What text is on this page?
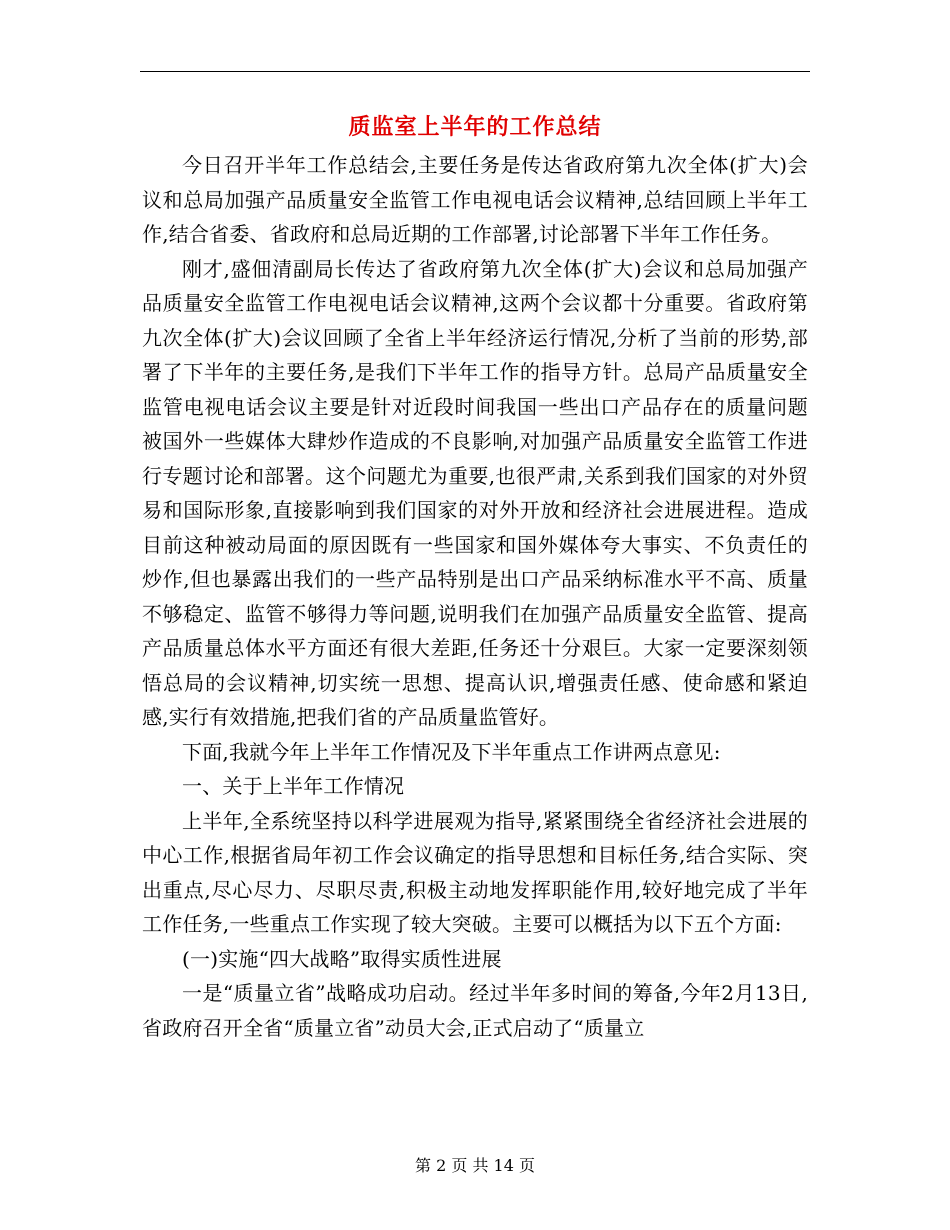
质监室上半年的工作总结

今日召开半年工作总结会,主要任务是传达省政府第九次全体(扩大)会议和总局加强产品质量安全监管工作电视电话会议精神,总结回顾上半年工作,结合省委、省政府和总局近期的工作部署,讨论部署下半年工作任务。

刚才,盛佃清副局长传达了省政府第九次全体(扩大)会议和总局加强产品质量安全监管工作电视电话会议精神,这两个会议都十分重要。省政府第九次全体(扩大)会议回顾了全省上半年经济运行情况,分析了当前的形势,部署了下半年的主要任务,是我们下半年工作的指导方针。总局产品质量安全监管电视电话会议主要是针对近段时间我国一些出口产品存在的质量问题被国外一些媒体大肆炒作造成的不良影响,对加强产品质量安全监管工作进行专题讨论和部署。这个问题尤为重要,也很严肃,关系到我们国家的对外贸易和国际形象,直接影响到我们国家的对外开放和经济社会进展进程。造成目前这种被动局面的原因既有一些国家和国外媒体夸大事实、不负责任的炒作,但也暴露出我们的一些产品特别是出口产品采纳标准水平不高、质量不够稳定、监管不够得力等问题,说明我们在加强产品质量安全监管、提高产品质量总体水平方面还有很大差距,任务还十分艰巨。大家一定要深刻领悟总局的会议精神,切实统一思想、提高认识,增强责任感、使命感和紧迫感,实行有效措施,把我们省的产品质量监管好。

下面,我就今年上半年工作情况及下半年重点工作讲两点意见:

一、关于上半年工作情况

上半年,全系统坚持以科学进展观为指导,紧紧围绕全省经济社会进展的中心工作,根据省局年初工作会议确定的指导思想和目标任务,结合实际、突出重点,尽心尽力、尽职尽责,积极主动地发挥职能作用,较好地完成了半年工作任务,一些重点工作实现了较大突破。主要可以概括为以下五个方面:

(一)实施“四大战略”取得实质性进展

一是“质量立省”战略成功启动。经过半年多时间的筹备,今年2月13日,省政府召开全省“质量立省”动员大会,正式启动了“质量立

第 2 页 共 14 页
